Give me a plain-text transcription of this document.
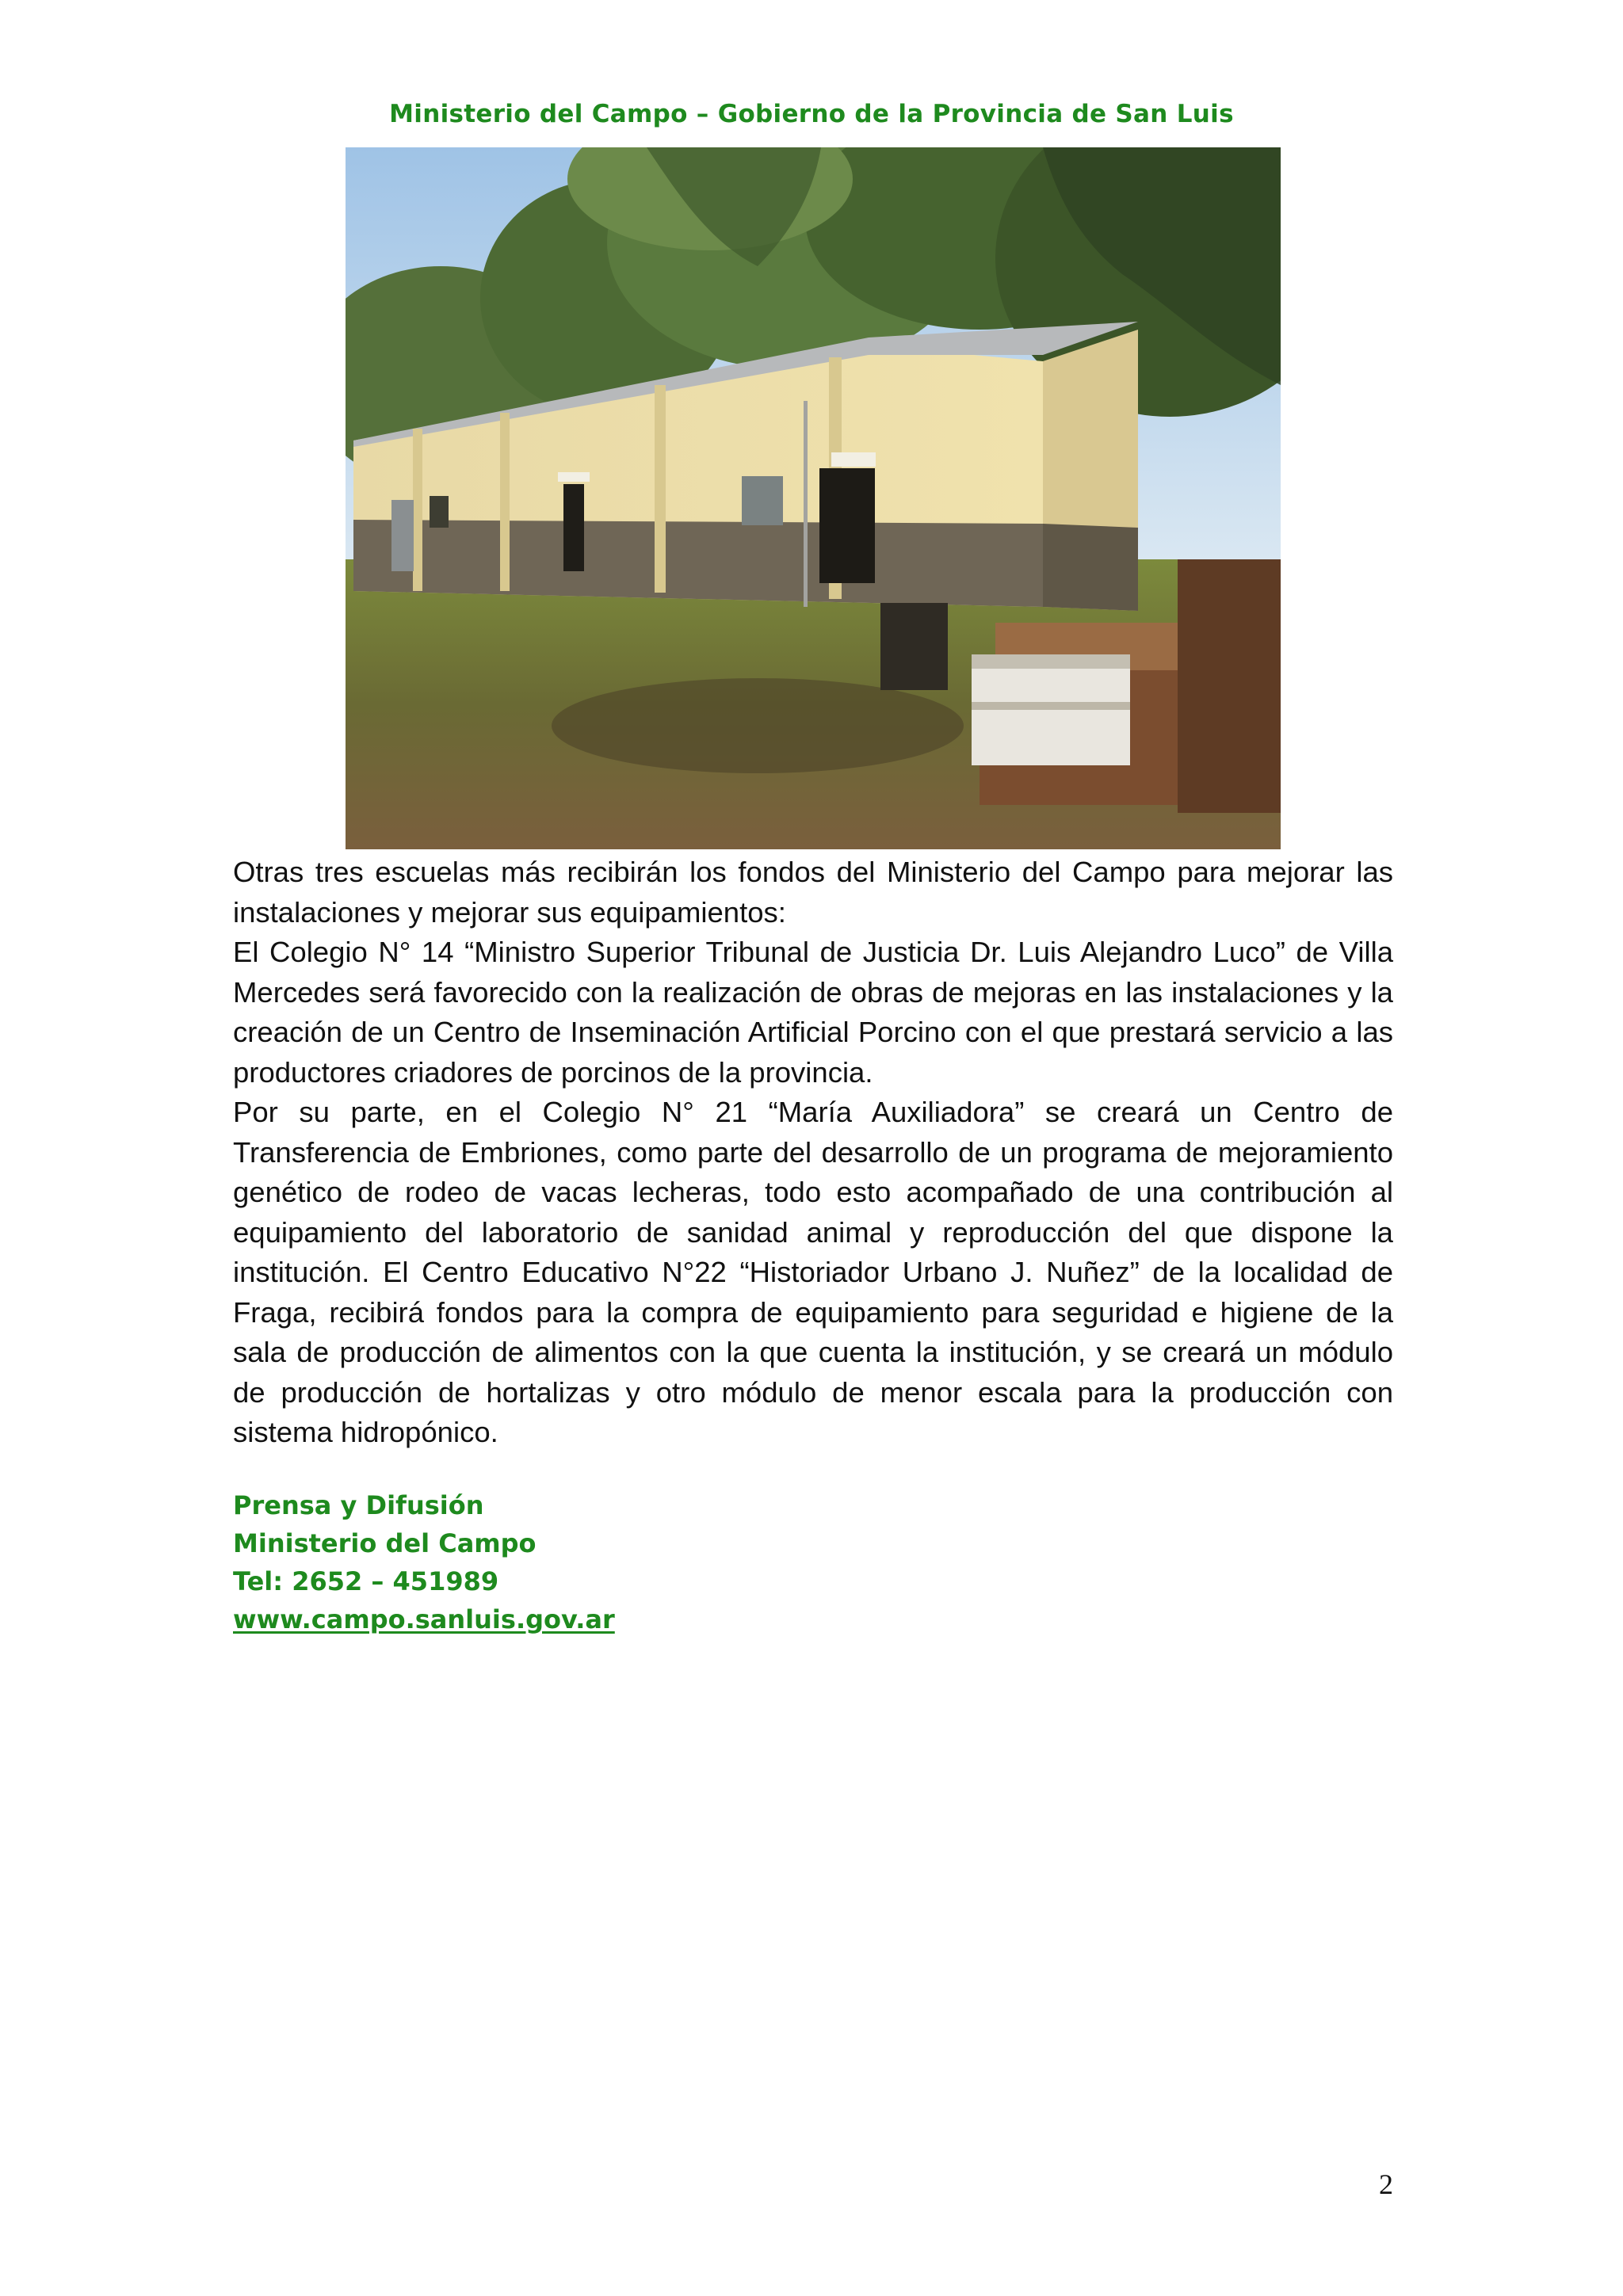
Ministerio del Campo – Gobierno de la Provincia de San Luis

Otras tres escuelas más recibirán los fondos del Ministerio del Campo para mejorar las instalaciones y mejorar sus equipamientos:

El Colegio N° 14 “Ministro Superior Tribunal de Justicia Dr. Luis Alejandro Luco” de Villa Mercedes será favorecido con la realización de obras de mejoras en las instalaciones y la creación de un Centro de Inseminación Artificial Porcino con el que prestará servicio a las productores criadores de porcinos de la provincia.

Por su parte, en el Colegio N° 21 “María Auxiliadora” se creará un Centro de Transferencia de Embriones, como parte del desarrollo de un programa de mejoramiento genético de rodeo de vacas lecheras, todo esto acompañado de una contribución al equipamiento del laboratorio de sanidad animal y reproducción del que dispone la institución. El Centro Educativo N°22 “Historiador Urbano J. Nuñez” de la localidad de Fraga, recibirá fondos para la compra de equipamiento para seguridad e higiene de la sala de producción de alimentos con la que cuenta la institución, y se creará un módulo de producción de hortalizas y otro módulo de menor escala para la producción con sistema hidropónico.

Prensa y Difusión
Ministerio del Campo
Tel: 2652 – 451989
www.campo.sanluis.gov.ar
2
